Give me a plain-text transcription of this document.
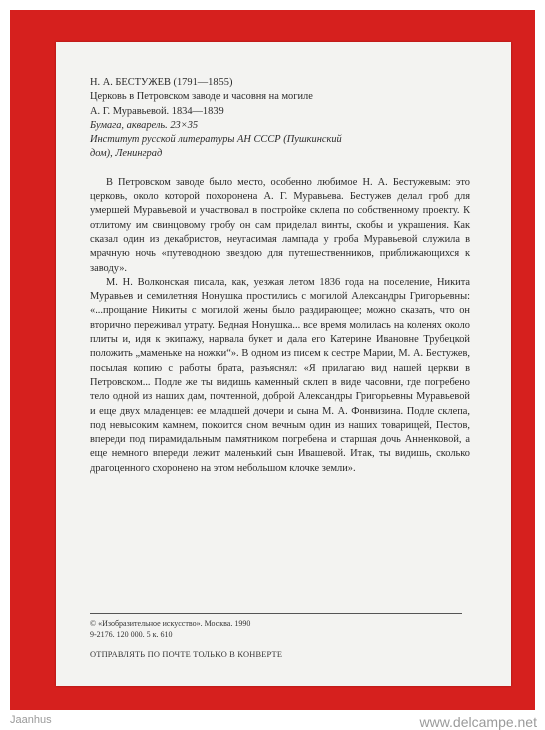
Н. А. БЕСТУЖЕВ (1791—1855)
Церковь в Петровском заводе и часовня на могиле
А. Г. Муравьевой. 1834—1839
Бумага, акварель. 23×35
Институт русской литературы АН СССР (Пушкинский
дом), Ленинград

В Петровском заводе было место, особенно любимое Н. А. Бестужевым: это церковь, около которой похоронена А. Г. Муравьева. Бестужев делал гроб для умершей Муравьевой и участвовал в постройке склепа по собственному проекту. К отлитому им свинцовому гробу он сам приделал винты, скобы и украшения. Как сказал один из декабристов, неугасимая лампада у гроба Муравьевой служила в мрачную ночь «путеводною звездою для путешественников, приближающихся к заводу».

М. Н. Волконская писала, как, уезжая летом 1836 года на поселение, Никита Муравьев и семилетняя Нонушка простились с могилой Александры Григорьевны: «...прощание Никиты с могилой жены было раздирающее; можно сказать, что он вторично переживал утрату. Бедная Нонушка... все время молилась на коленях около плиты и, идя к экипажу, нарвала букет и дала его Катерине Ивановне Трубецкой положить „маменьке на ножки“». В одном из писем к сестре Марии, М. А. Бестужев, посылая копию с работы брата, разъяснял: «Я прилагаю вид нашей церкви в Петровском... Подле же ты видишь каменный склеп в виде часовни, где погребено тело одной из наших дам, почтенной, доброй Александры Григорьевны Муравьевой и еще двух младенцев: ее младшей дочери и сына М. А. Фонвизина. Подле склепа, под невысоким камнем, покоится сном вечным один из наших товарищей, Пестов, впереди под пирамидальным памятником погребена и старшая дочь Анненковой, а еще немного впереди лежит маленький сын Ивашевой. Итак, ты видишь, сколько драгоценного схоронено на этом небольшом клочке земли».

© «Изобразительное искусство». Москва. 1990
9-2176. 120 000. 5 к. 610
ОТПРАВЛЯТЬ ПО ПОЧТЕ ТОЛЬКО В КОНВЕРТЕ
Jaanhus	www.delcampe.net
